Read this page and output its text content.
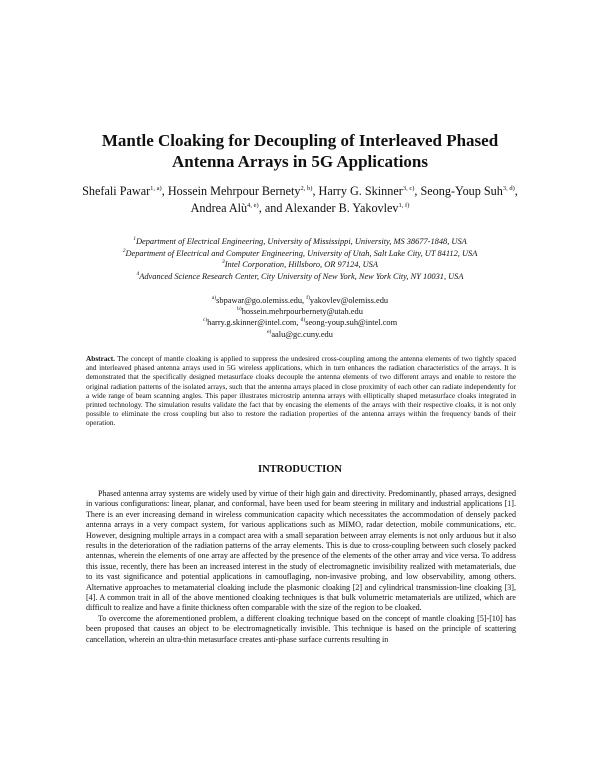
Mantle Cloaking for Decoupling of Interleaved Phased
Antenna Arrays in 5G Applications
Shefali Pawar$^{1, a)}$, Hossein Mehrpour Bernety$^{2, b)}$, Harry G. Skinner$^{3, c)}$, Seong-Youp Suh$^{3, d)}$, Andrea Alù$^{4, e)}$, and Alexander B. Yakovlev$^{1, f)}$
$^1$Department of Electrical Engineering, University of Mississippi, University, MS 38677-1848, USA
$^2$Department of Electrical and Computer Engineering, University of Utah, Salt Lake City, UT 84112, USA
$^3$Intel Corporation, Hillsboro, OR 97124, USA
$^4$Advanced Science Research Center, City University of New York, New York City, NY 10031, USA
$^{a)}$sbpawar@go.olemiss.edu, $^{f)}$yakovlev@olemiss.edu
$^{b)}$hossein.mehrpourbernety@utah.edu
$^{c)}$harry.g.skinner@intel.com, $^{d)}$seong-youp.suh@intel.com
$^{e)}$aalu@gc.cuny.edu
Abstract. The concept of mantle cloaking is applied to suppress the undesired cross-coupling among the antenna elements of two tightly spaced and interleaved phased antenna arrays used in 5G wireless applications, which in turn enhances the radiation characteristics of the arrays. It is demonstrated that the specifically designed metasurface cloaks decouple the antenna elements of two different arrays and enable to restore the original radiation patterns of the isolated arrays, such that the antenna arrays placed in close proximity of each other can radiate independently for a wide range of beam scanning angles. This paper illustrates microstrip antenna arrays with elliptically shaped metasurface cloaks integrated in printed technology. The simulation results validate the fact that by encasing the elements of the arrays with their respective cloaks, it is not only possible to eliminate the cross coupling but also to restore the radiation properties of the antenna arrays within the frequency bands of their operation.
INTRODUCTION

Phased antenna array systems are widely used by virtue of their high gain and directivity. Predominantly, phased arrays, designed in various configurations: linear, planar, and conformal, have been used for beam steering in military and industrial applications [1]. There is an ever increasing demand in wireless communication capacity which necessitates the accommodation of densely packed antenna arrays in a very compact system, for various applications such as MIMO, radar detection, mobile communications, etc. However, designing multiple arrays in a compact area with a small separation between array elements is not only arduous but it also results in the deterioration of the radiation patterns of the array elements. This is due to cross-coupling between such closely packed antennas, wherein the elements of one array are affected by the presence of the elements of the other array and vice versa. To address this issue, recently, there has been an increased interest in the study of electromagnetic invisibility realized with metamaterials, due to its vast significance and potential applications in camouflaging, non-invasive probing, and low observability, among others. Alternative approaches to metamaterial cloaking include the plasmonic cloaking [2] and cylindrical transmission-line cloaking [3], [4]. A common trait in all of the above mentioned cloaking techniques is that bulk volumetric metamaterials are utilized, which are difficult to realize and have a finite thickness often comparable with the size of the region to be cloaked.

To overcome the aforementioned problem, a different cloaking technique based on the concept of mantle cloaking [5]-[10] has been proposed that causes an object to be electromagnetically invisible. This technique is based on the principle of scattering cancellation, wherein an ultra-thin metasurface creates anti-phase surface currents resulting in
